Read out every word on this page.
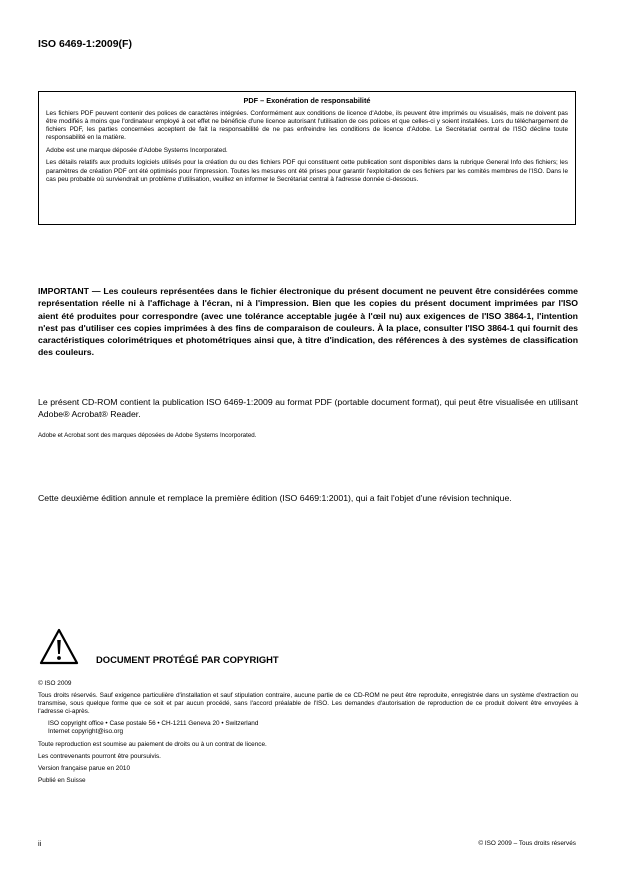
ISO 6469-1:2009(F)
PDF – Exonération de responsabilité

Les fichiers PDF peuvent contenir des polices de caractères intégrées. Conformément aux conditions de licence d'Adobe, ils peuvent être imprimés ou visualisés, mais ne doivent pas être modifiés à moins que l'ordinateur employé à cet effet ne bénéficie d'une licence autorisant l'utilisation de ces polices et que celles-ci y soient installées. Lors du téléchargement de fichiers PDF, les parties concernées acceptent de fait la responsabilité de ne pas enfreindre les conditions de licence d'Adobe. Le Secrétariat central de l'ISO décline toute responsabilité en la matière.

Adobe est une marque déposée d'Adobe Systems Incorporated.

Les détails relatifs aux produits logiciels utilisés pour la création du ou des fichiers PDF qui constituent cette publication sont disponibles dans la rubrique General Info des fichiers; les paramètres de création PDF ont été optimisés pour l'impression. Toutes les mesures ont été prises pour garantir l'exploitation de ces fichiers par les comités membres de l'ISO. Dans le cas peu probable où surviendrait un problème d'utilisation, veuillez en informer le Secrétariat central à l'adresse donnée ci-dessous.

IMPORTANT — Les couleurs représentées dans le fichier électronique du présent document ne peuvent être considérées comme représentation réelle ni à l'affichage à l'écran, ni à l'impression. Bien que les copies du présent document imprimées par l'ISO aient été produites pour correspondre (avec une tolérance acceptable jugée à l'œil nu) aux exigences de l'ISO 3864-1, l'intention n'est pas d'utiliser ces copies imprimées à des fins de comparaison de couleurs. À la place, consulter l'ISO 3864-1 qui fournit des caractéristiques colorimétriques et photométriques ainsi que, à titre d'indication, des références à des systèmes de classification des couleurs.
Le présent CD-ROM contient la publication ISO 6469-1:2009 au format PDF (portable document format), qui peut être visualisée en utilisant Adobe® Acrobat® Reader.
Adobe et Acrobat sont des marques déposées de Adobe Systems Incorporated.
Cette deuxième édition annule et remplace la première édition (ISO 6469:1:2001), qui a fait l'objet d'une révision technique.
DOCUMENT PROTÉGÉ PAR COPYRIGHT

© ISO 2009

Tous droits réservés. Sauf exigence particulière d'installation et sauf stipulation contraire, aucune partie de ce CD-ROM ne peut être reproduite, enregistrée dans un système d'extraction ou transmise, sous quelque forme que ce soit et par aucun procédé, sans l'accord préalable de l'ISO. Les demandes d'autorisation de reproduction de ce produit doivent être envoyées à l'adresse ci-après.

ISO copyright office • Case postale 56 • CH-1211 Geneva 20 • Switzerland
Internet copyright@iso.org

Toute reproduction est soumise au paiement de droits ou à un contrat de licence.

Les contrevenants pourront être poursuivis.

Version française parue en 2010

Publié en Suisse

ii	© ISO 2009 – Tous droits réservés
